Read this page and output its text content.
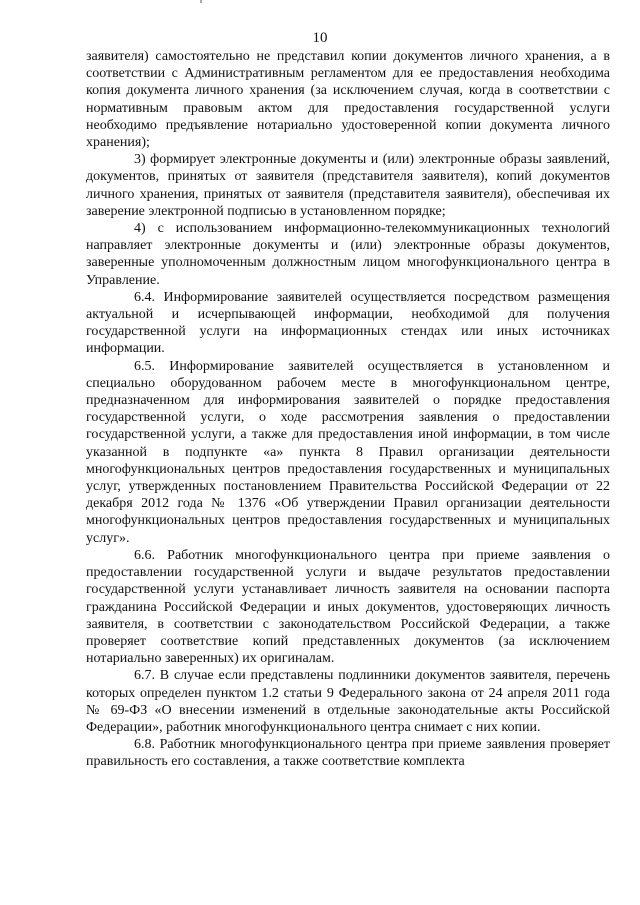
10

заявителя) самостоятельно не представил копии документов личного хранения, а в соответствии с Административным регламентом для ее предоставления необходима копия документа личного хранения (за исключением случая, когда в соответствии с нормативным правовым актом для предоставления государственной услуги необходимо предъявление нотариально удостоверенной копии документа личного хранения);

3) формирует электронные документы и (или) электронные образы заявлений, документов, принятых от заявителя (представителя заявителя), копий документов личного хранения, принятых от заявителя (представителя заявителя), обеспечивая их заверение электронной подписью в установленном порядке;

4) с использованием информационно-телекоммуникационных технологий направляет электронные документы и (или) электронные образы документов, заверенные уполномоченным должностным лицом многофункционального центра в Управление.

6.4. Информирование заявителей осуществляется посредством размещения актуальной и исчерпывающей информации, необходимой для получения государственной услуги на информационных стендах или иных источниках информации.

6.5. Информирование заявителей осуществляется в установленном и специально оборудованном рабочем месте в многофункциональном центре, предназначенном для информирования заявителей о порядке предоставления государственной услуги, о ходе рассмотрения заявления о предоставлении государственной услуги, а также для предоставления иной информации, в том числе указанной в подпункте «а» пункта 8 Правил организации деятельности многофункциональных центров предоставления государственных и муниципальных услуг, утвержденных постановлением Правительства Российской Федерации от 22 декабря 2012 года № 1376 «Об утверждении Правил организации деятельности многофункциональных центров предоставления государственных и муниципальных услуг».

6.6. Работник многофункционального центра при приеме заявления о предоставлении государственной услуги и выдаче результатов предоставлении государственной услуги устанавливает личность заявителя на основании паспорта гражданина Российской Федерации и иных документов, удостоверяющих личность заявителя, в соответствии с законодательством Российской Федерации, а также проверяет соответствие копий представленных документов (за исключением нотариально заверенных) их оригиналам.

6.7. В случае если представлены подлинники документов заявителя, перечень которых определен пунктом 1.2 статьи 9 Федерального закона от 24 апреля 2011 года № 69-ФЗ «О внесении изменений в отдельные законодательные акты Российской Федерации», работник многофункционального центра снимает с них копии.

6.8. Работник многофункционального центра при приеме заявления проверяет правильность его составления, а также соответствие комплекта
